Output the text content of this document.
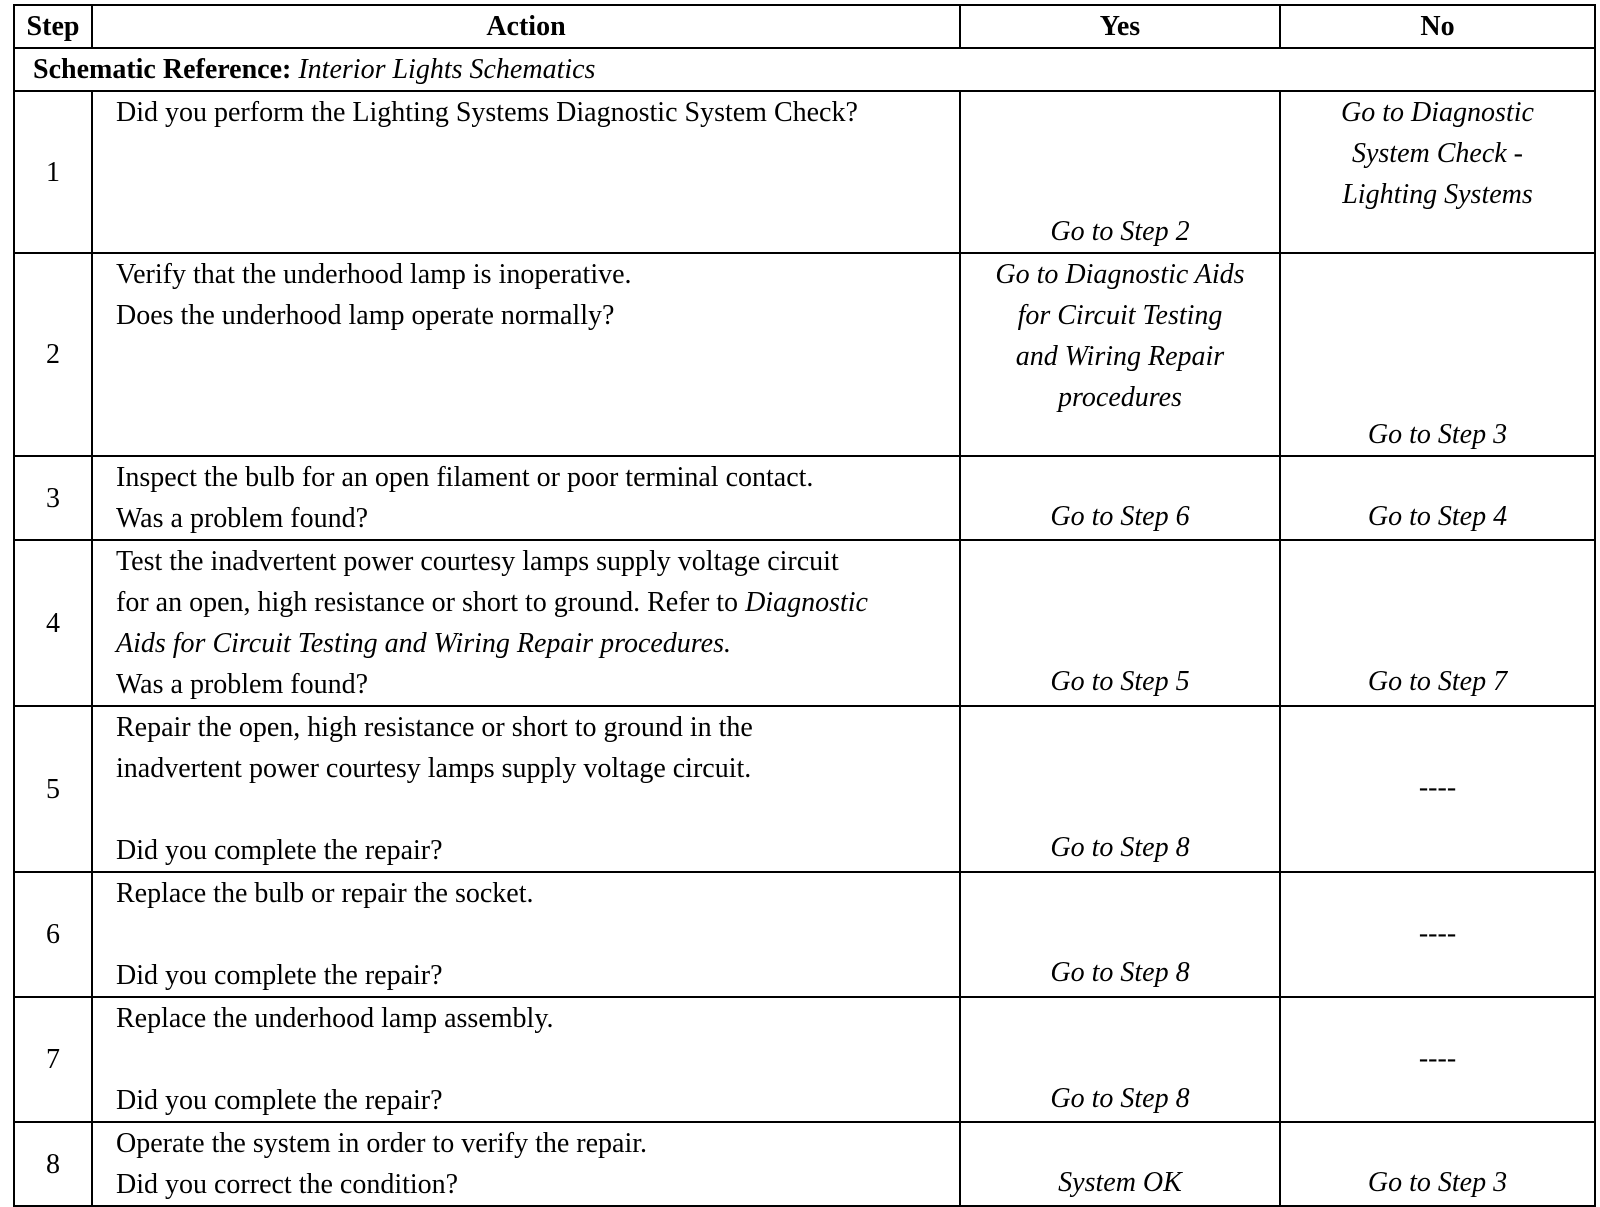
Step	Action	Yes	No
Schematic Reference: Interior Lights Schematics			
1	Did you perform the Lighting Systems Diagnostic System Check?	Go to Step 2	Go to Diagnostic
System Check -
Lighting Systems

2	Verify that the underhood lamp is inoperative.
Does the underhood lamp operate normally?	Go to Diagnostic Aids
for Circuit Testing
and Wiring Repair
procedures	Go to Step 3

3	Inspect the bulb for an open filament or poor terminal contact.
Was a problem found?	Go to Step 6	Go to Step 4

4	Test the inadvertent power courtesy lamps supply voltage circuit
for an open, high resistance or short to ground. Refer to Diagnostic
Aids for Circuit Testing and Wiring Repair procedures.
Was a problem found?	Go to Step 5	Go to Step 7

5	Repair the open, high resistance or short to ground in the
inadvertent power courtesy lamps supply voltage circuit.
Did you complete the repair?	Go to Step 8	----

6	Replace the bulb or repair the socket.
Did you complete the repair?	Go to Step 8	----

7	Replace the underhood lamp assembly.
Did you complete the repair?	Go to Step 8	----

8	Operate the system in order to verify the repair.
Did you correct the condition?	System OK	Go to Step 3
